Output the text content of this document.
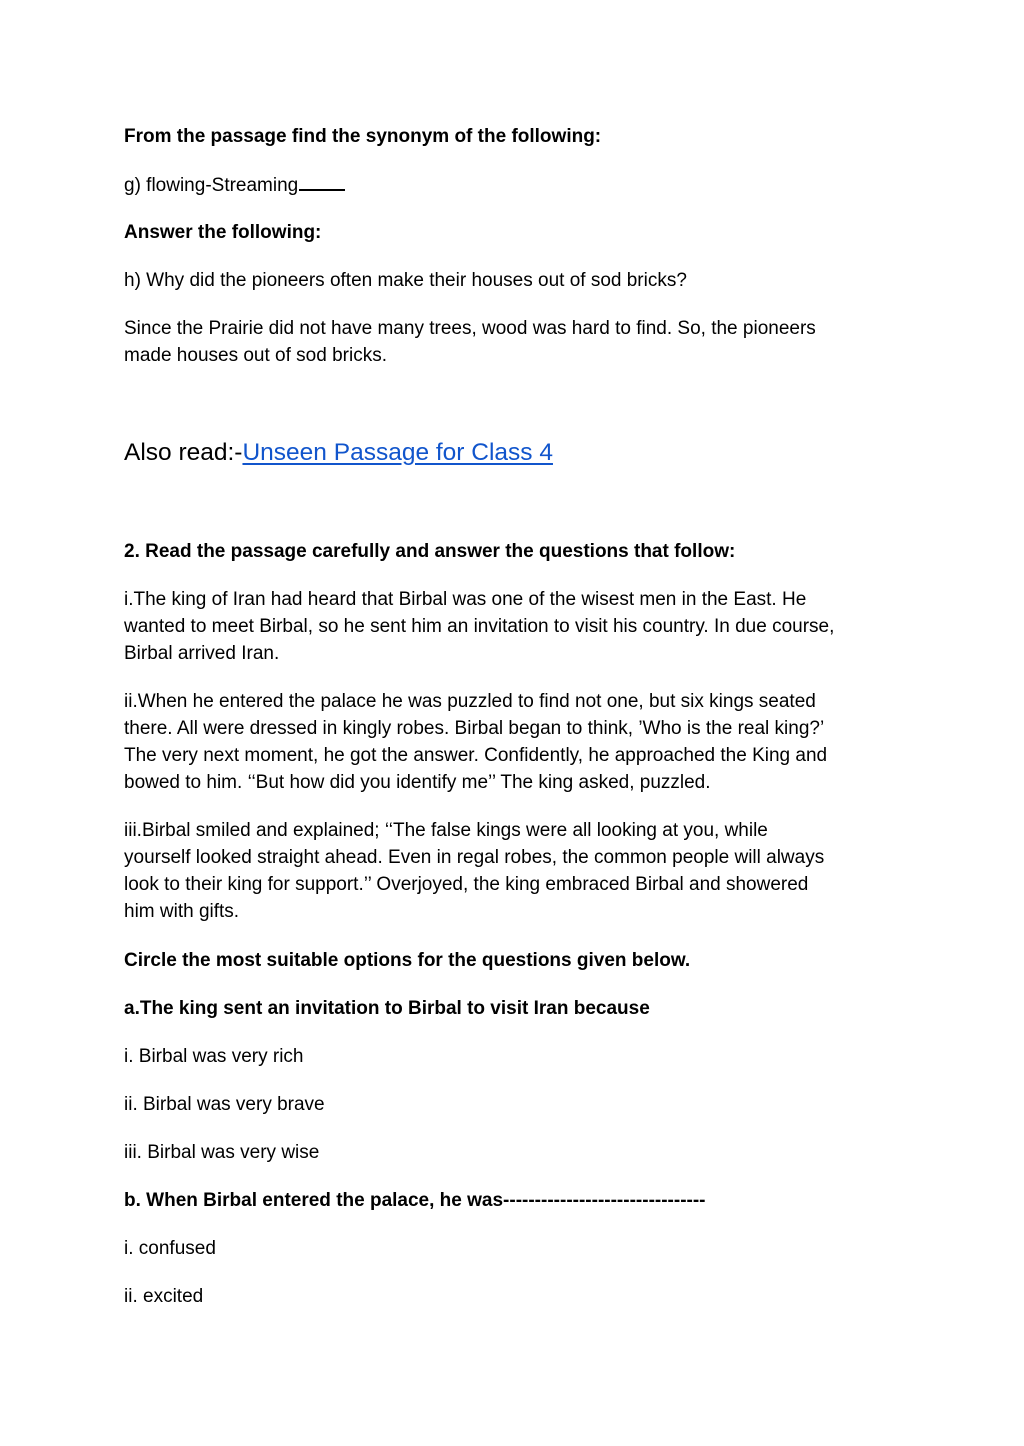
From the passage find the synonym of the following:

g) flowing-Streaming

Answer the following:

h) Why did the pioneers often make their houses out of sod bricks?

Since the Prairie did not have many trees, wood was hard to find. So, the pioneers

made houses out of sod bricks.

Also read:-Unseen Passage for Class 4

2. Read the passage carefully and answer the questions that follow:

i.The king of Iran had heard that Birbal was one of the wisest men in the East. He

wanted to meet Birbal, so he sent him an invitation to visit his country. In due course,

Birbal arrived Iran.

ii.When he entered the palace he was puzzled to find not one, but six kings seated

there. All were dressed in kingly robes. Birbal began to think, ’Who is the real king?’

The very next moment, he got the answer. Confidently, he approached the King and

bowed to him. ‘‘But how did you identify me’’ The king asked, puzzled.

iii.Birbal smiled and explained; ‘‘The false kings were all looking at you, while

yourself looked straight ahead. Even in regal robes, the common people will always

look to their king for support.’’ Overjoyed, the king embraced Birbal and showered

him with gifts.

Circle the most suitable options for the questions given below.

a.The king sent an invitation to Birbal to visit Iran because

i. Birbal was very rich

ii. Birbal was very brave

iii. Birbal was very wise

b. When Birbal entered the palace, he was--------------------------------

i. confused

ii. excited
